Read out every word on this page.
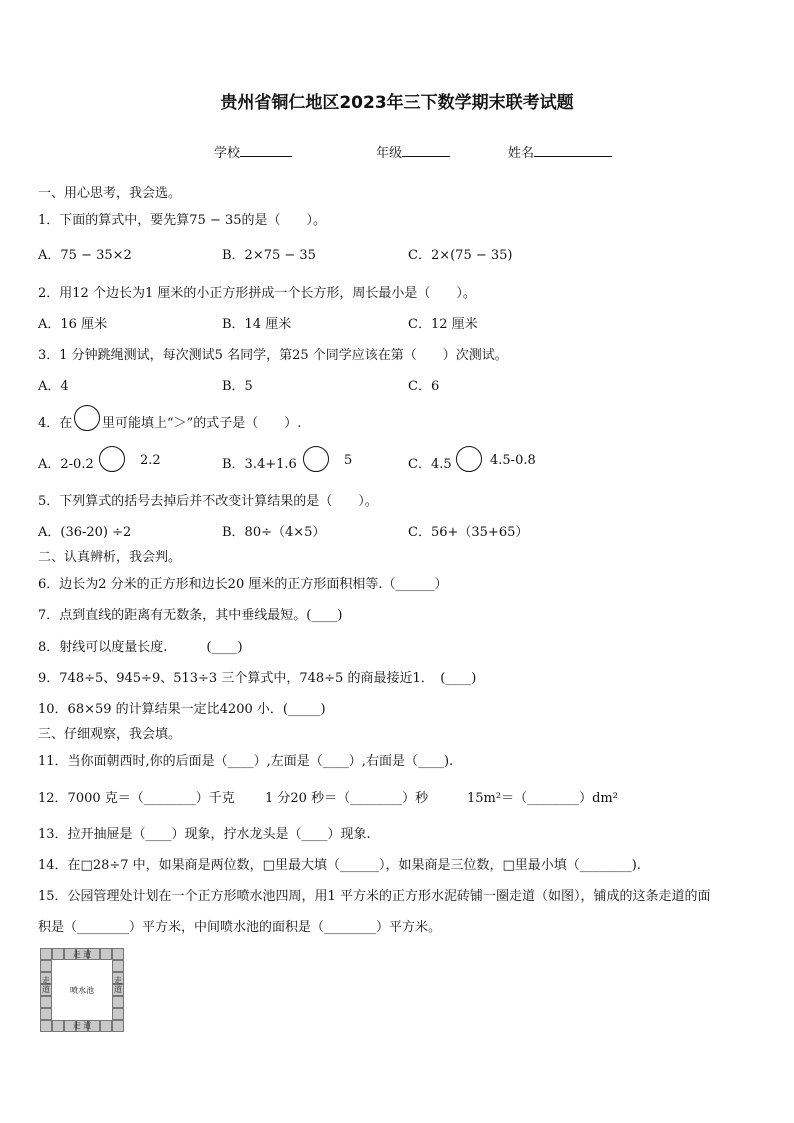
贵州省铜仁地区2023年三下数学期末联考试题
学校	年级	姓名
一、用心思考，我会选。
1．下面的算式中，要先算75 − 35的是（　　）。
A．75 − 35×2	B．2×75 − 35	C．2×(75 − 35)
2．用12 个边长为1 厘米的小正方形拼成一个长方形，周长最小是（　　）。
A．16 厘米	B．14 厘米	C．12 厘米
3．1 分钟跳绳测试，每次测试5 名同学，第25 个同学应该在第（　　）次测试。
A．4	B．5	C．6
4．在 里可能填上“＞”的式子是（　　）.
A．2-0.2	2.2	B．3.4+1.6	5	C．4.5	4.5-0.8
5．下列算式的括号去掉后并不改变计算结果的是（　　）。
A．(36-20) ÷2	B．80÷（4×5）	C．56+（35+65）
二、认真辨析，我会判。
6．边长为2 分米的正方形和边长20 厘米的正方形面积相等.（______）
7．点到直线的距离有无数条，其中垂线最短。(____)
8．射线可以度量长度.　　　(____)
9．748÷5、945÷9、513÷3 三个算式中，748÷5 的商最接近1．　(____)
10．68×59 的计算结果一定比4200 小．(_____)
三、仔细观察，我会填。
11．当你面朝西时,你的后面是（____）,左面是（____）,右面是（____).
12．7000 克＝（________）千克 1 分20 秒＝（________）秒	15m²＝（________）dm²
13．拉开抽屉是（____）现象，拧水龙头是（____）现象.
14．在□28÷7 中，如果商是两位数，□里最大填（______），如果商是三位数，□里最小填（________).
15．公园管理处计划在一个正方形喷水池四周，用1 平方米的正方形水泥砖铺一圈走道（如图），铺成的这条走道的面
积是（________）平方米，中间喷水池的面积是（________）平方米。
喷水池
走 道
走 道
走 道
走 道
